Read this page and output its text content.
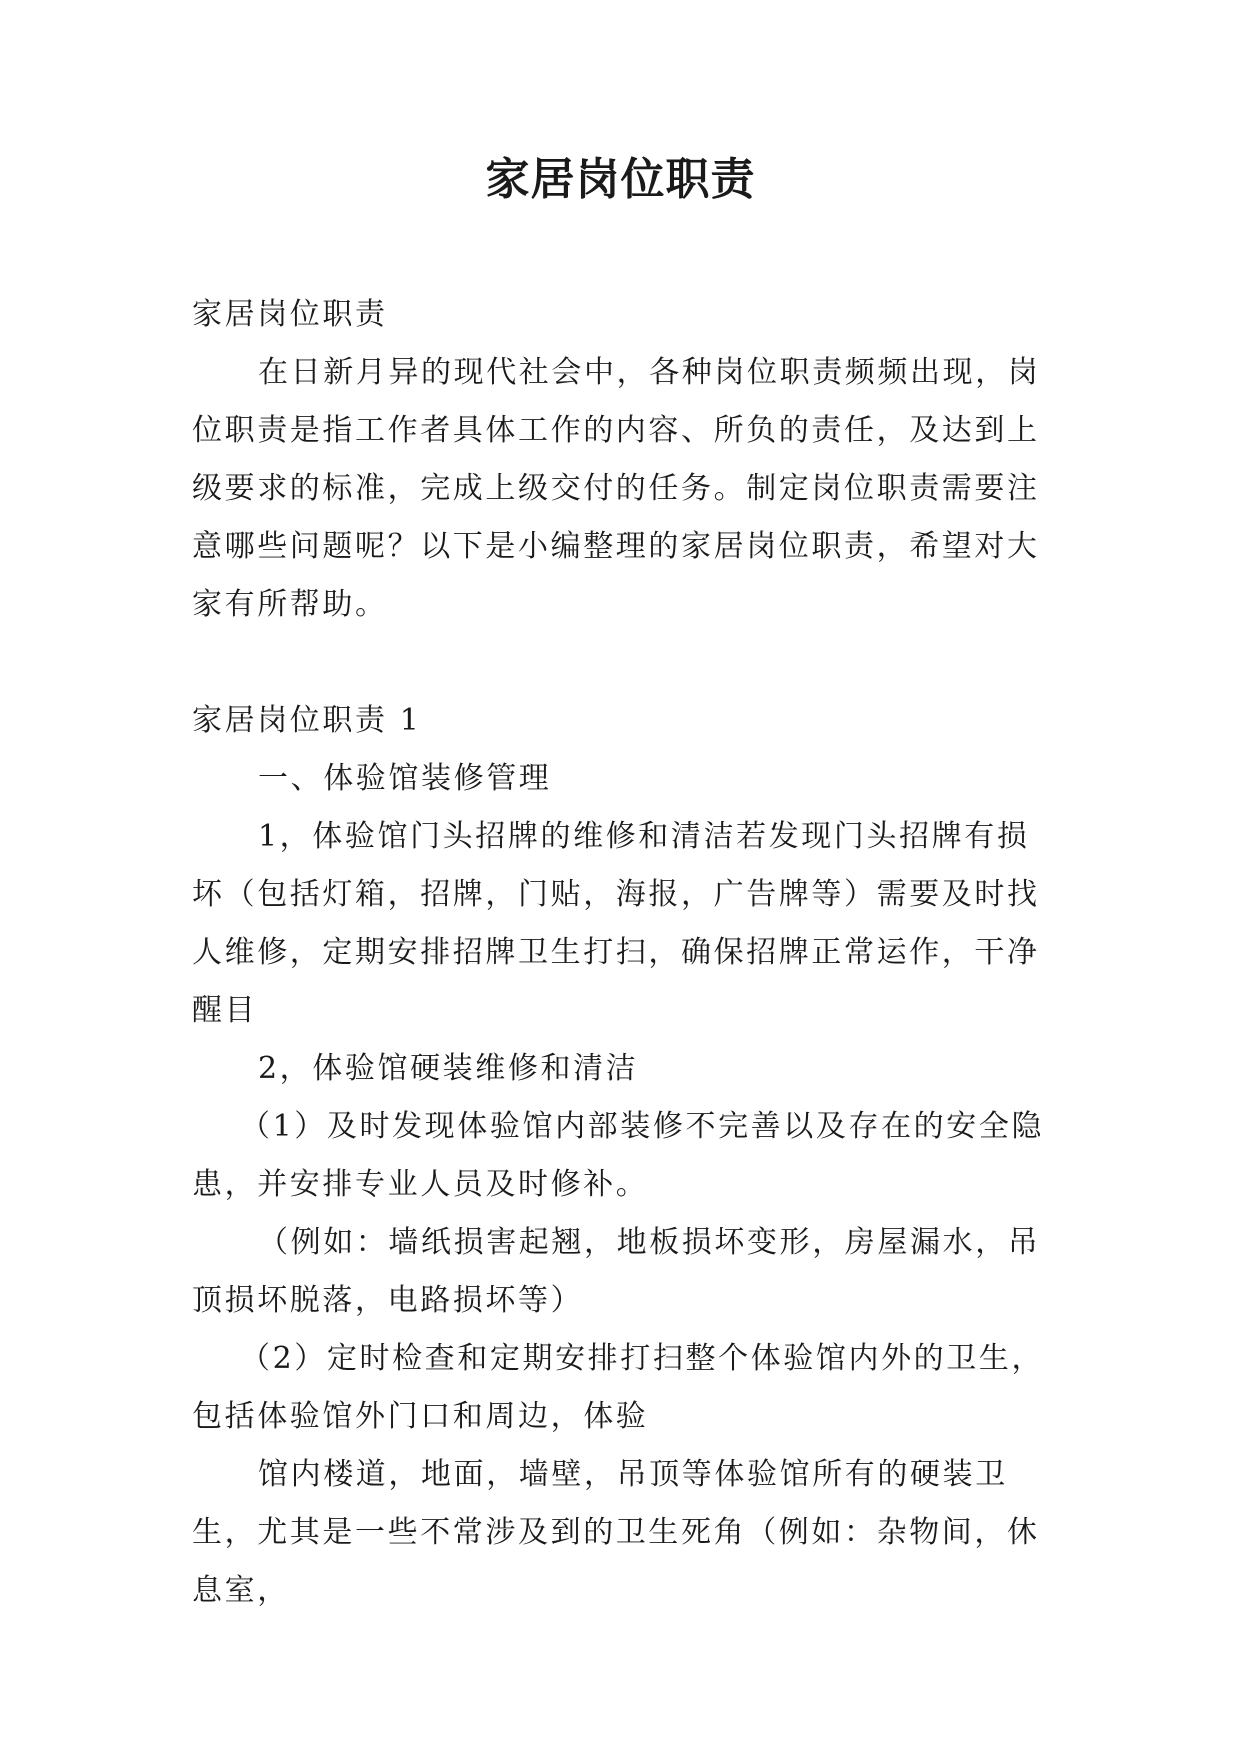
家居岗位职责

家居岗位职责

在日新月异的现代社会中，各种岗位职责频频出现，岗位职责是指工作者具体工作的内容、所负的责任，及达到上级要求的标准，完成上级交付的任务。制定岗位职责需要注意哪些问题呢？以下是小编整理的家居岗位职责，希望对大家有所帮助。

家居岗位职责 1

一、体验馆装修管理

1，体验馆门头招牌的维修和清洁若发现门头招牌有损坏（包括灯箱，招牌，门贴，海报，广告牌等）需要及时找人维修，定期安排招牌卫生打扫，确保招牌正常运作，干净醒目

2，体验馆硬装维修和清洁

（1）及时发现体验馆内部装修不完善以及存在的安全隐患，并安排专业人员及时修补。

（例如：墙纸损害起翘，地板损坏变形，房屋漏水，吊顶损坏脱落，电路损坏等）

（2）定时检查和定期安排打扫整个体验馆内外的卫生，包括体验馆外门口和周边，体验

馆内楼道，地面，墙壁，吊顶等体验馆所有的硬装卫生，尤其是一些不常涉及到的卫生死角（例如：杂物间，休息室，
